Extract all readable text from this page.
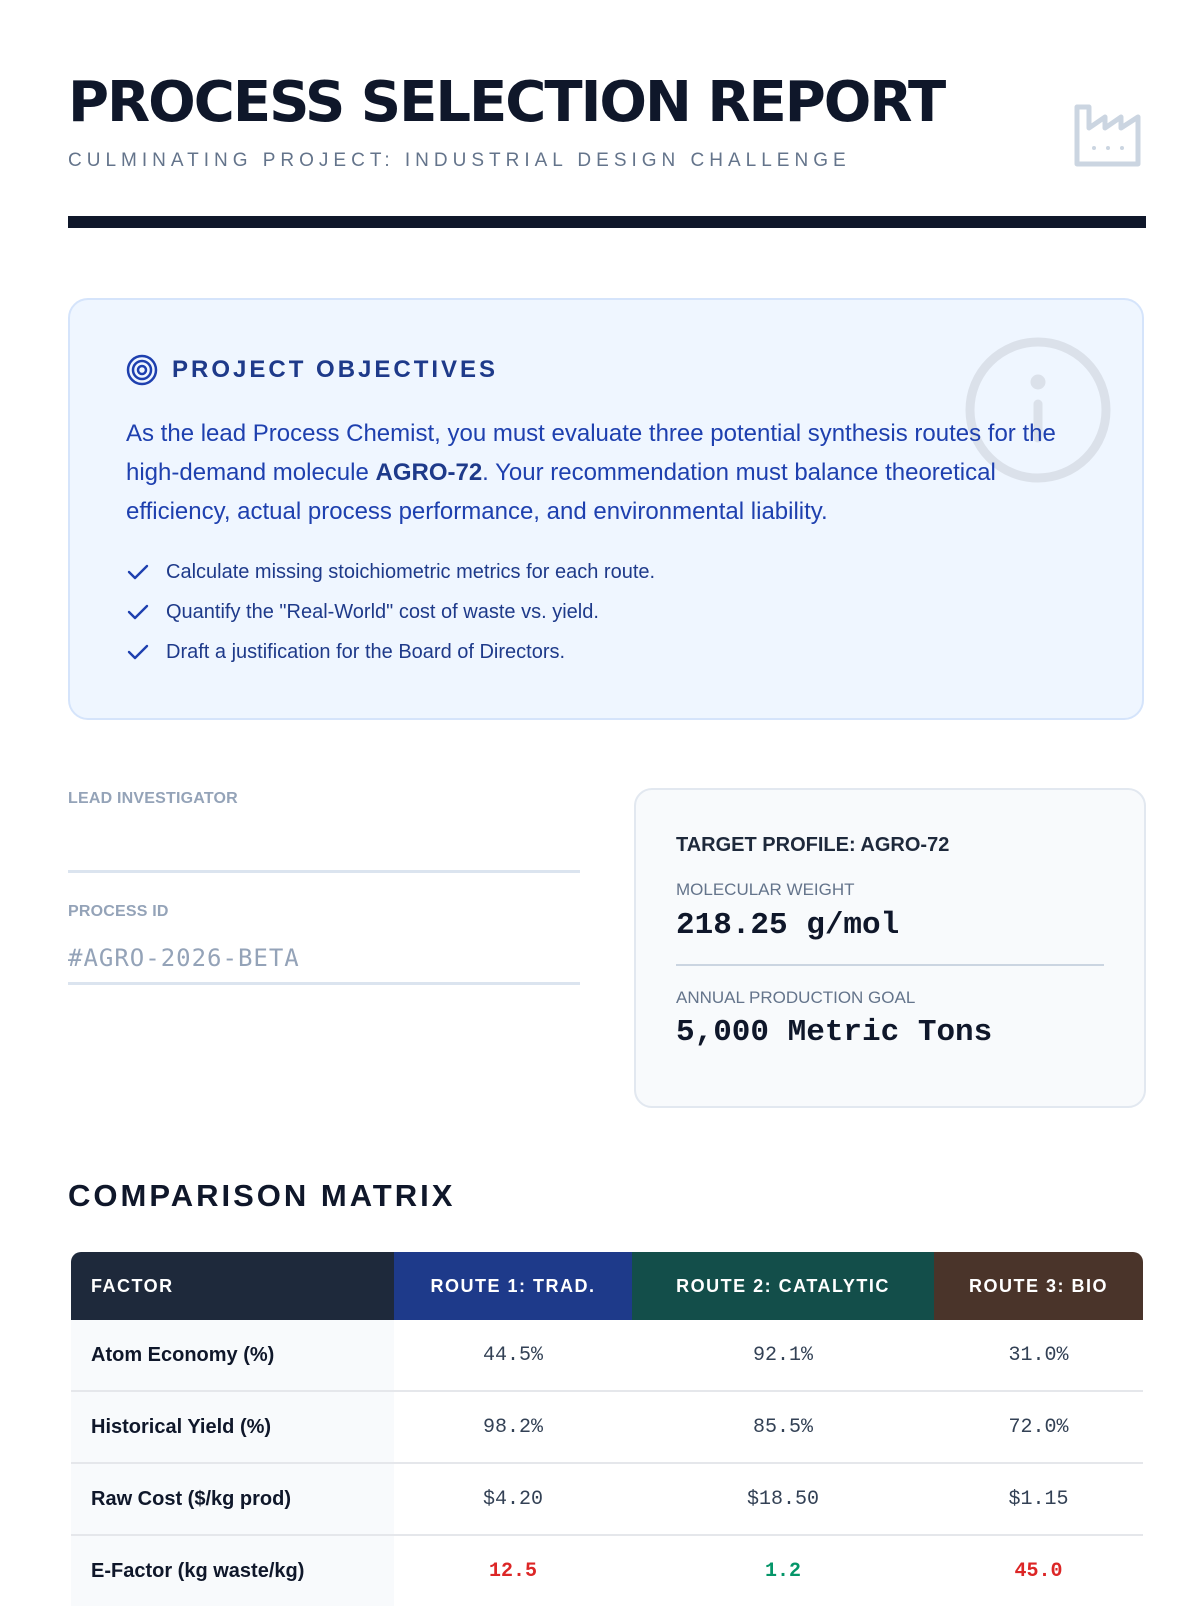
PROCESS SELECTION REPORT
CULMINATING PROJECT: INDUSTRIAL DESIGN CHALLENGE
PROJECT OBJECTIVES

As the lead Process Chemist, you must evaluate three potential synthesis routes for the high-demand molecule AGRO-72. Your recommendation must balance theoretical efficiency, actual process performance, and environmental liability.

Calculate missing stoichiometric metrics for each route.
Quantify the "Real-World" cost of waste vs. yield.
Draft a justification for the Board of Directors.
LEAD INVESTIGATOR
PROCESS ID
#AGRO-2026-BETA
TARGET PROFILE: AGRO-72
MOLECULAR WEIGHT
218.25 g/mol
ANNUAL PRODUCTION GOAL
5,000 Metric Tons
COMPARISON MATRIX
FACTOR	ROUTE 1: TRAD.	ROUTE 2: CATALYTIC	ROUTE 3: BIO
Atom Economy (%)	44.5%	92.1%	31.0%
Historical Yield (%)	98.2%	85.5%	72.0%
Raw Cost ($/kg prod)	$4.20	$18.50	$1.15
E-Factor (kg waste/kg)	12.5	1.2	45.0
